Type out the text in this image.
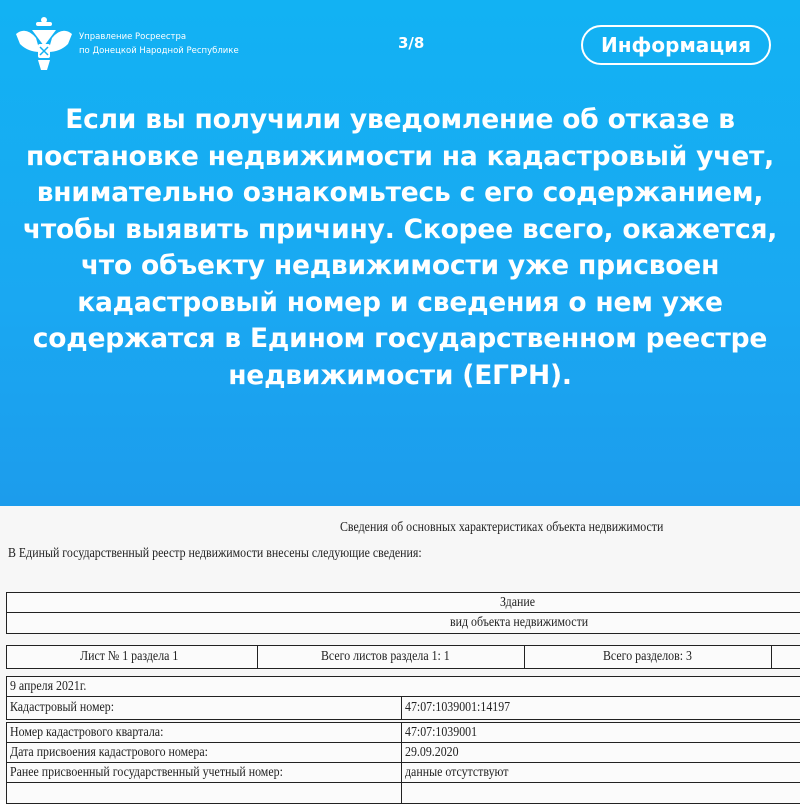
Управление Росреестра
по Донецкой Народной Республике	3/8	Информация
Если вы получили уведомление об отказе в постановке недвижимости на кадастровый учет, внимательно ознакомьтесь с его содержанием, чтобы выявить причину. Скорее всего, окажется, что объекту недвижимости уже присвоен кадастровый номер и сведения о нем уже содержатся в Едином государственном реестре недвижимости (ЕГРН).
Сведения об основных характеристиках объекта недвижимости
В Единый государственный реестр недвижимости внесены следующие сведения:
Здание
вид объекта недвижимости
Лист № 1 раздела 1	Всего листов раздела 1: 1	Всего разделов: 3
9 апреля 2021г.
Кадастровый номер:	47:07:1039001:14197
Номер кадастрового квартала:	47:07:1039001
Дата присвоения кадастрового номера:	29.09.2020
Ранее присвоенный государственный учетный номер:	данные отсутствуют
